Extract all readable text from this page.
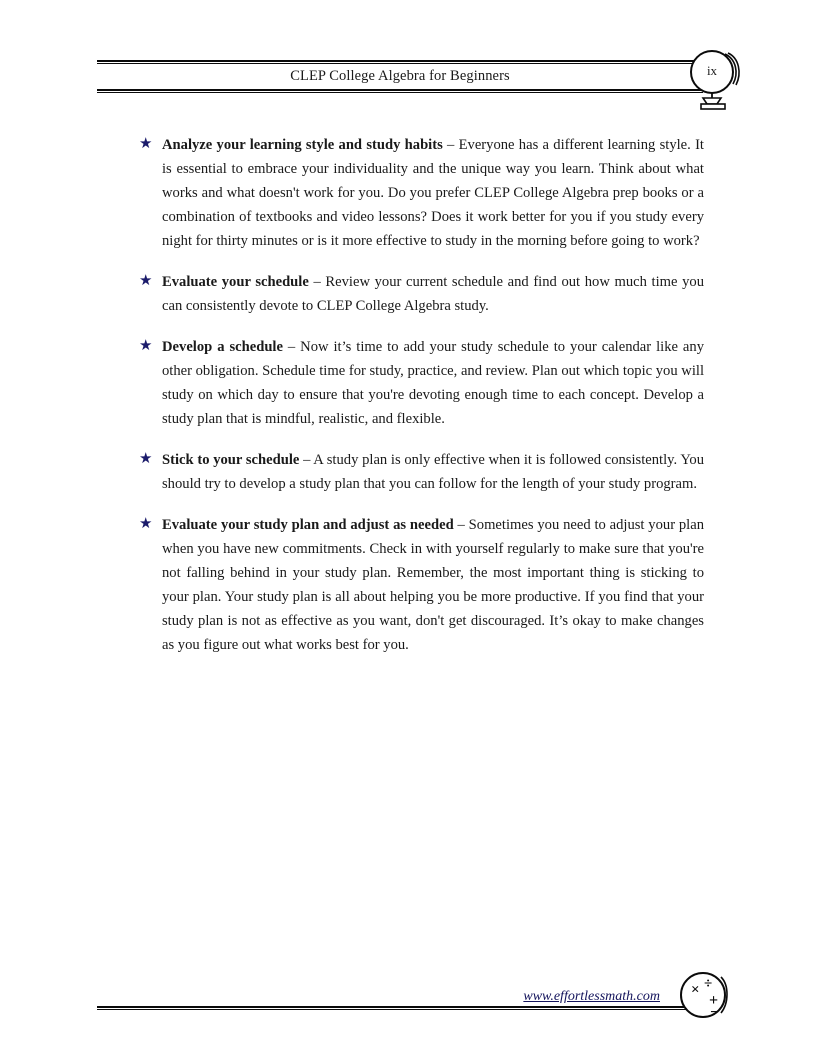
CLEP College Algebra for Beginners	ix
★ Analyze your learning style and study habits – Everyone has a different learning style. It is essential to embrace your individuality and the unique way you learn. Think about what works and what doesn't work for you. Do you prefer CLEP College Algebra prep books or a combination of textbooks and video lessons? Does it work better for you if you study every night for thirty minutes or is it more effective to study in the morning before going to work?
★ Evaluate your schedule – Review your current schedule and find out how much time you can consistently devote to CLEP College Algebra study.
★ Develop a schedule – Now it’s time to add your study schedule to your calendar like any other obligation. Schedule time for study, practice, and review. Plan out which topic you will study on which day to ensure that you're devoting enough time to each concept. Develop a study plan that is mindful, realistic, and flexible.
★ Stick to your schedule – A study plan is only effective when it is followed consistently. You should try to develop a study plan that you can follow for the length of your study program.
★ Evaluate your study plan and adjust as needed – Sometimes you need to adjust your plan when you have new commitments. Check in with yourself regularly to make sure that you're not falling behind in your study plan. Remember, the most important thing is sticking to your plan. Your study plan is all about helping you be more productive. If you find that your study plan is not as effective as you want, don't get discouraged. It’s okay to make changes as you figure out what works best for you.
www.effortlessmath.com × ÷
+
−
